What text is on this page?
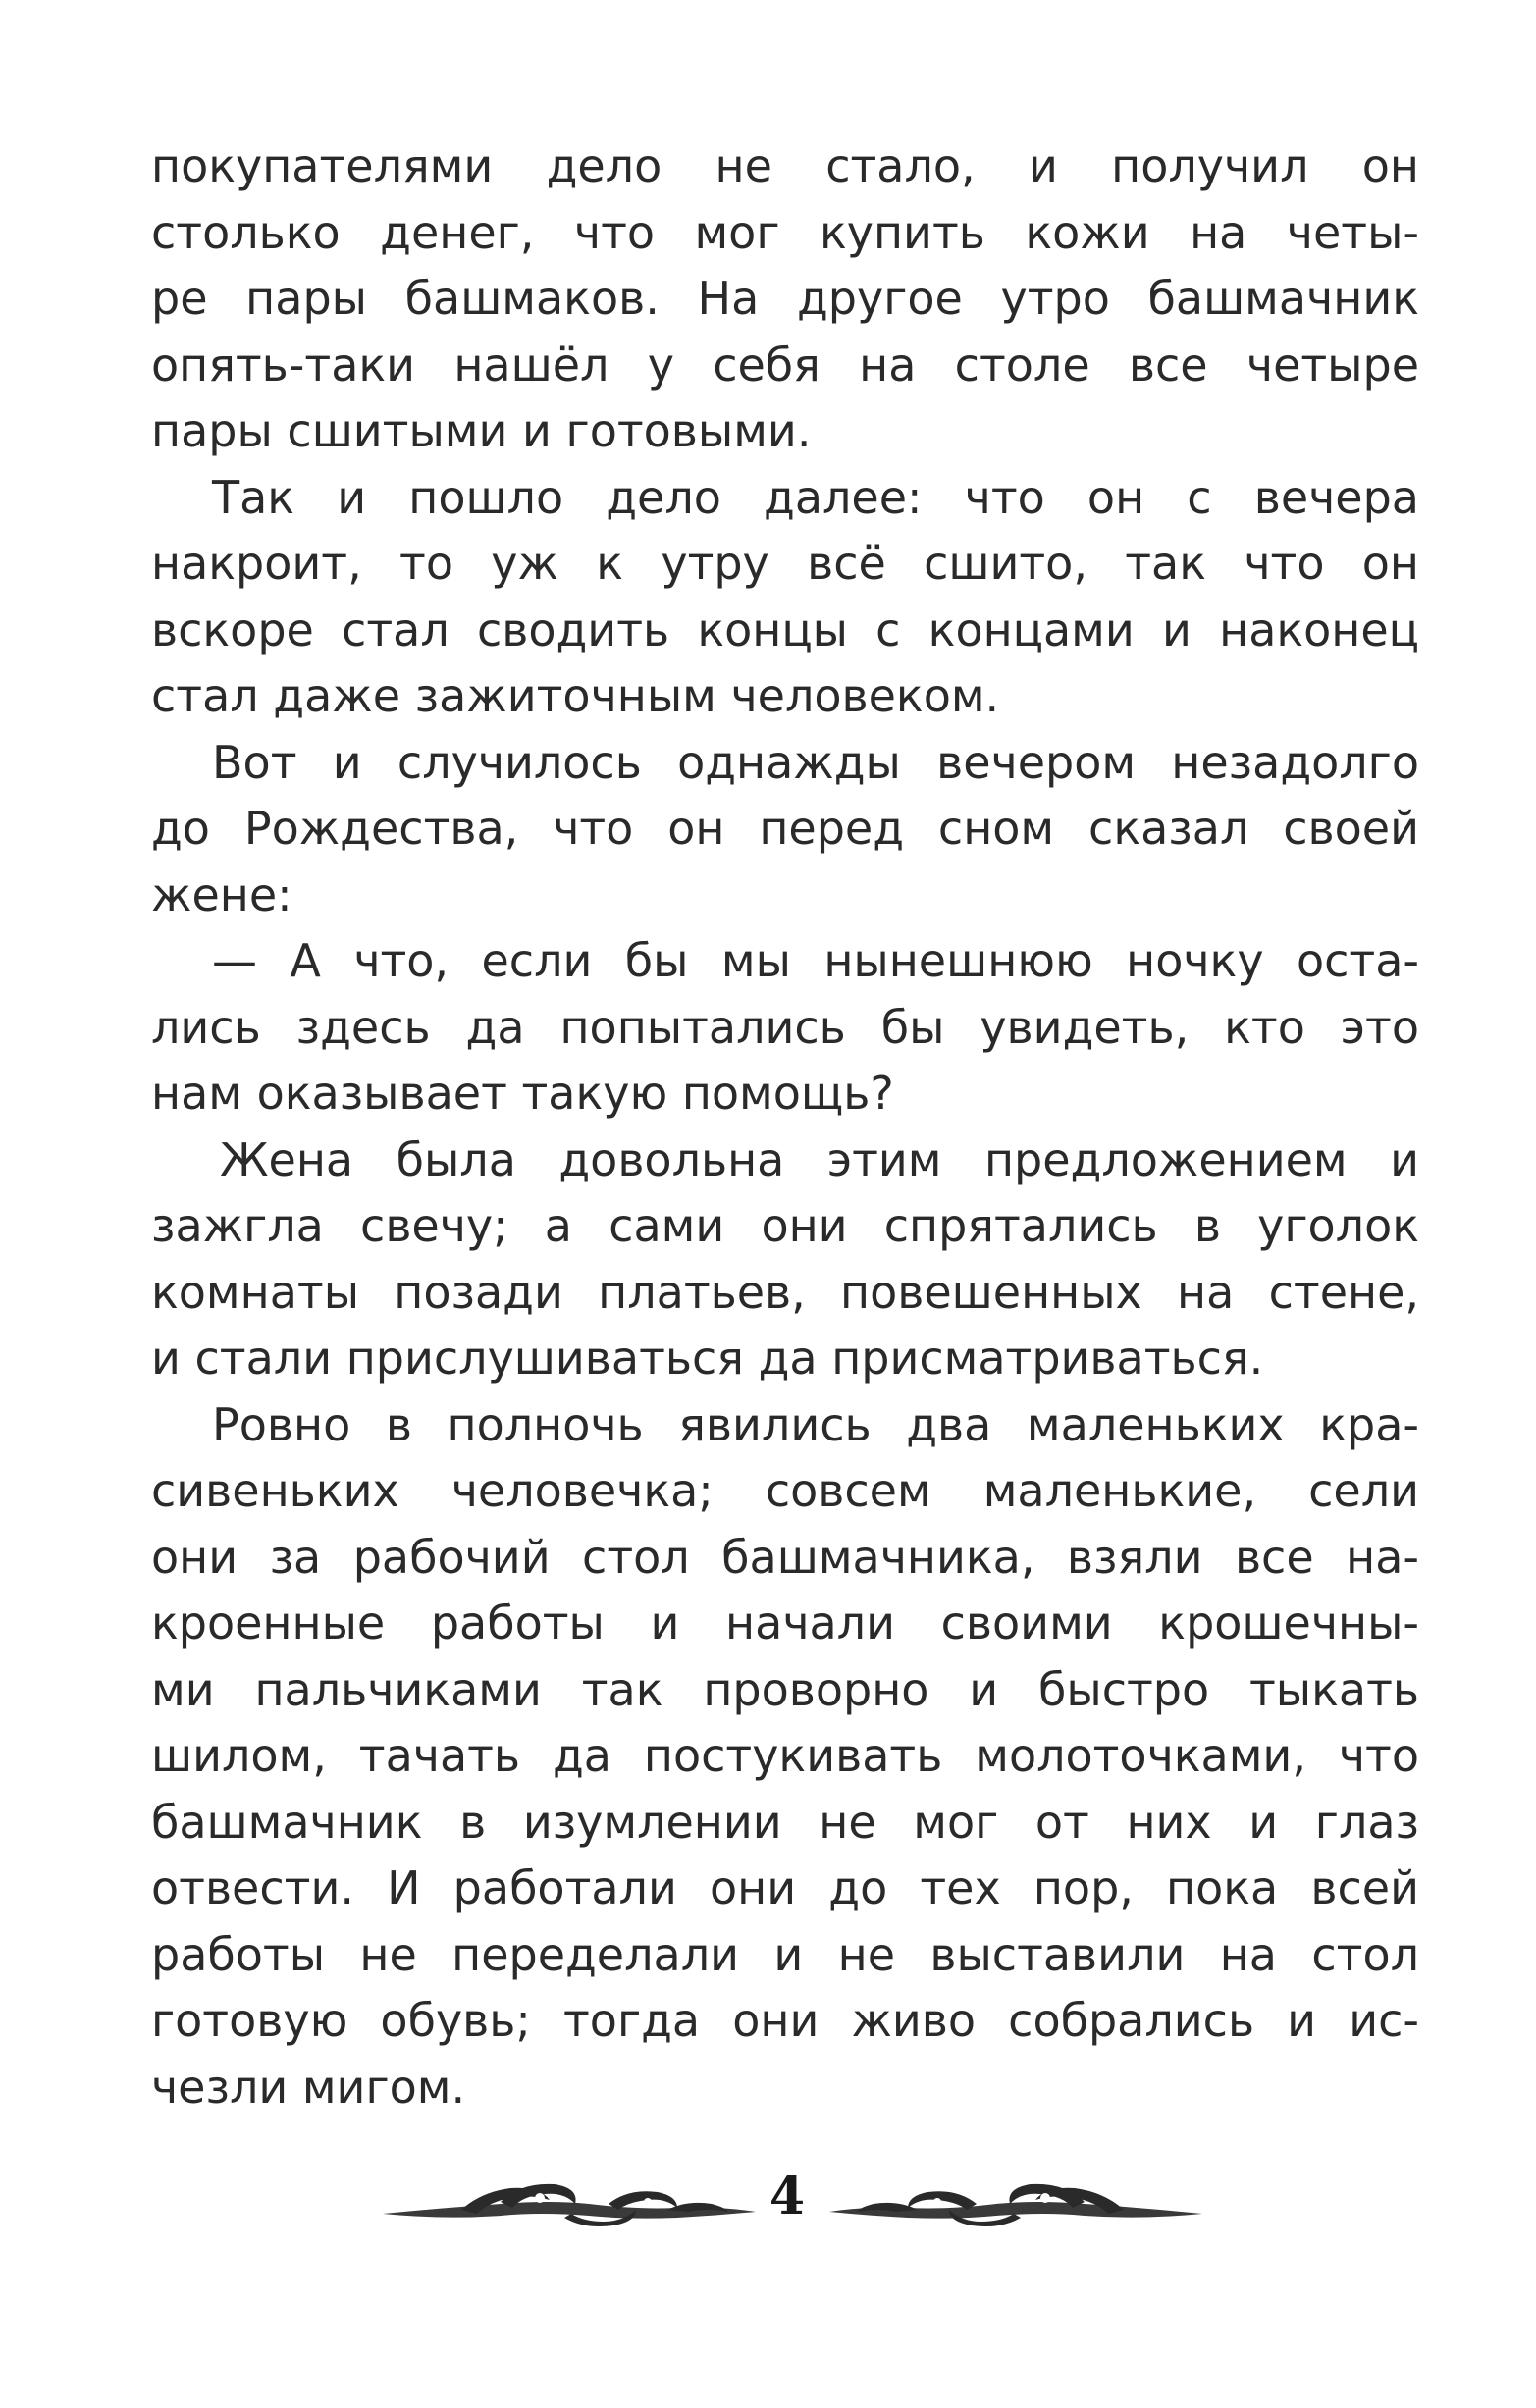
покупателями дело не стало, и получил он
столько денег, что мог купить кожи на четы-
ре пары башмаков. На другое утро башмачник
опять-таки нашёл у себя на столе все четыре
пары сшитыми и готовыми.
Так и пошло дело далее: что он с вечера
накроит, то уж к утру всё сшито, так что он
вскоре стал сводить концы с концами и наконец
стал даже зажиточным человеком.
Вот и случилось однажды вечером незадолго
до Рождества, что он перед сном сказал своей
жене:
— А что, если бы мы нынешнюю ночку оста-
лись здесь да попытались бы увидеть, кто это
нам оказывает такую помощь?
Жена была довольна этим предложением и
зажгла свечу; а сами они спрятались в уголок
комнаты позади платьев, повешенных на стене,
и стали прислушиваться да присматриваться.
Ровно в полночь явились два маленьких кра-
сивеньких человечка; совсем маленькие, сели
они за рабочий стол башмачника, взяли все на-
кроенные работы и начали своими крошечны-
ми пальчиками так проворно и быстро тыкать
шилом, тачать да постукивать молоточками, что
башмачник в изумлении не мог от них и глаз
отвести. И работали они до тех пор, пока всей
работы не переделали и не выставили на стол
готовую обувь; тогда они живо собрались и ис-
чезли мигом.
4
